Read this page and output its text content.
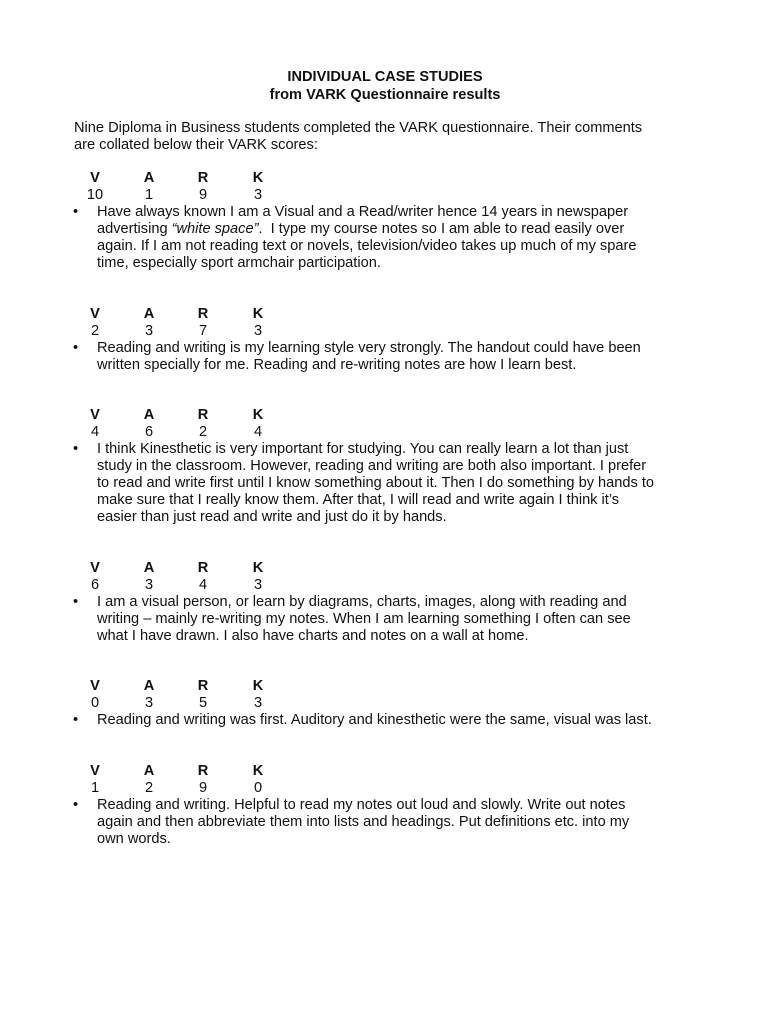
INDIVIDUAL CASE STUDIES
from VARK Questionnaire results
Nine Diploma in Business students completed the VARK questionnaire. Their comments
are collated below their VARK scores:
V	A	R	K
10	1	9	3
•	Have always known I am a Visual and a Read/writer hence 14 years in newspaper
advertising “white space”.  I type my course notes so I am able to read easily over
again. If I am not reading text or novels, television/video takes up much of my spare
time, especially sport armchair participation.
V	A	R	K
2	3	7	3
•	Reading and writing is my learning style very strongly. The handout could have been
written specially for me. Reading and re-writing notes are how I learn best.
V	A	R	K
4	6	2	4
•	I think Kinesthetic is very important for studying. You can really learn a lot than just
study in the classroom. However, reading and writing are both also important. I prefer
to read and write first until I know something about it. Then I do something by hands to
make sure that I really know them. After that, I will read and write again I think it’s
easier than just read and write and just do it by hands.
V	A	R	K
6	3	4	3
•	I am a visual person, or learn by diagrams, charts, images, along with reading and
writing – mainly re-writing my notes. When I am learning something I often can see
what I have drawn. I also have charts and notes on a wall at home.
V	A	R	K
0	3	5	3
•	Reading and writing was first. Auditory and kinesthetic were the same, visual was last.
V	A	R	K
1	2	9	0
•	Reading and writing. Helpful to read my notes out loud and slowly. Write out notes
again and then abbreviate them into lists and headings. Put definitions etc. into my
own words.
